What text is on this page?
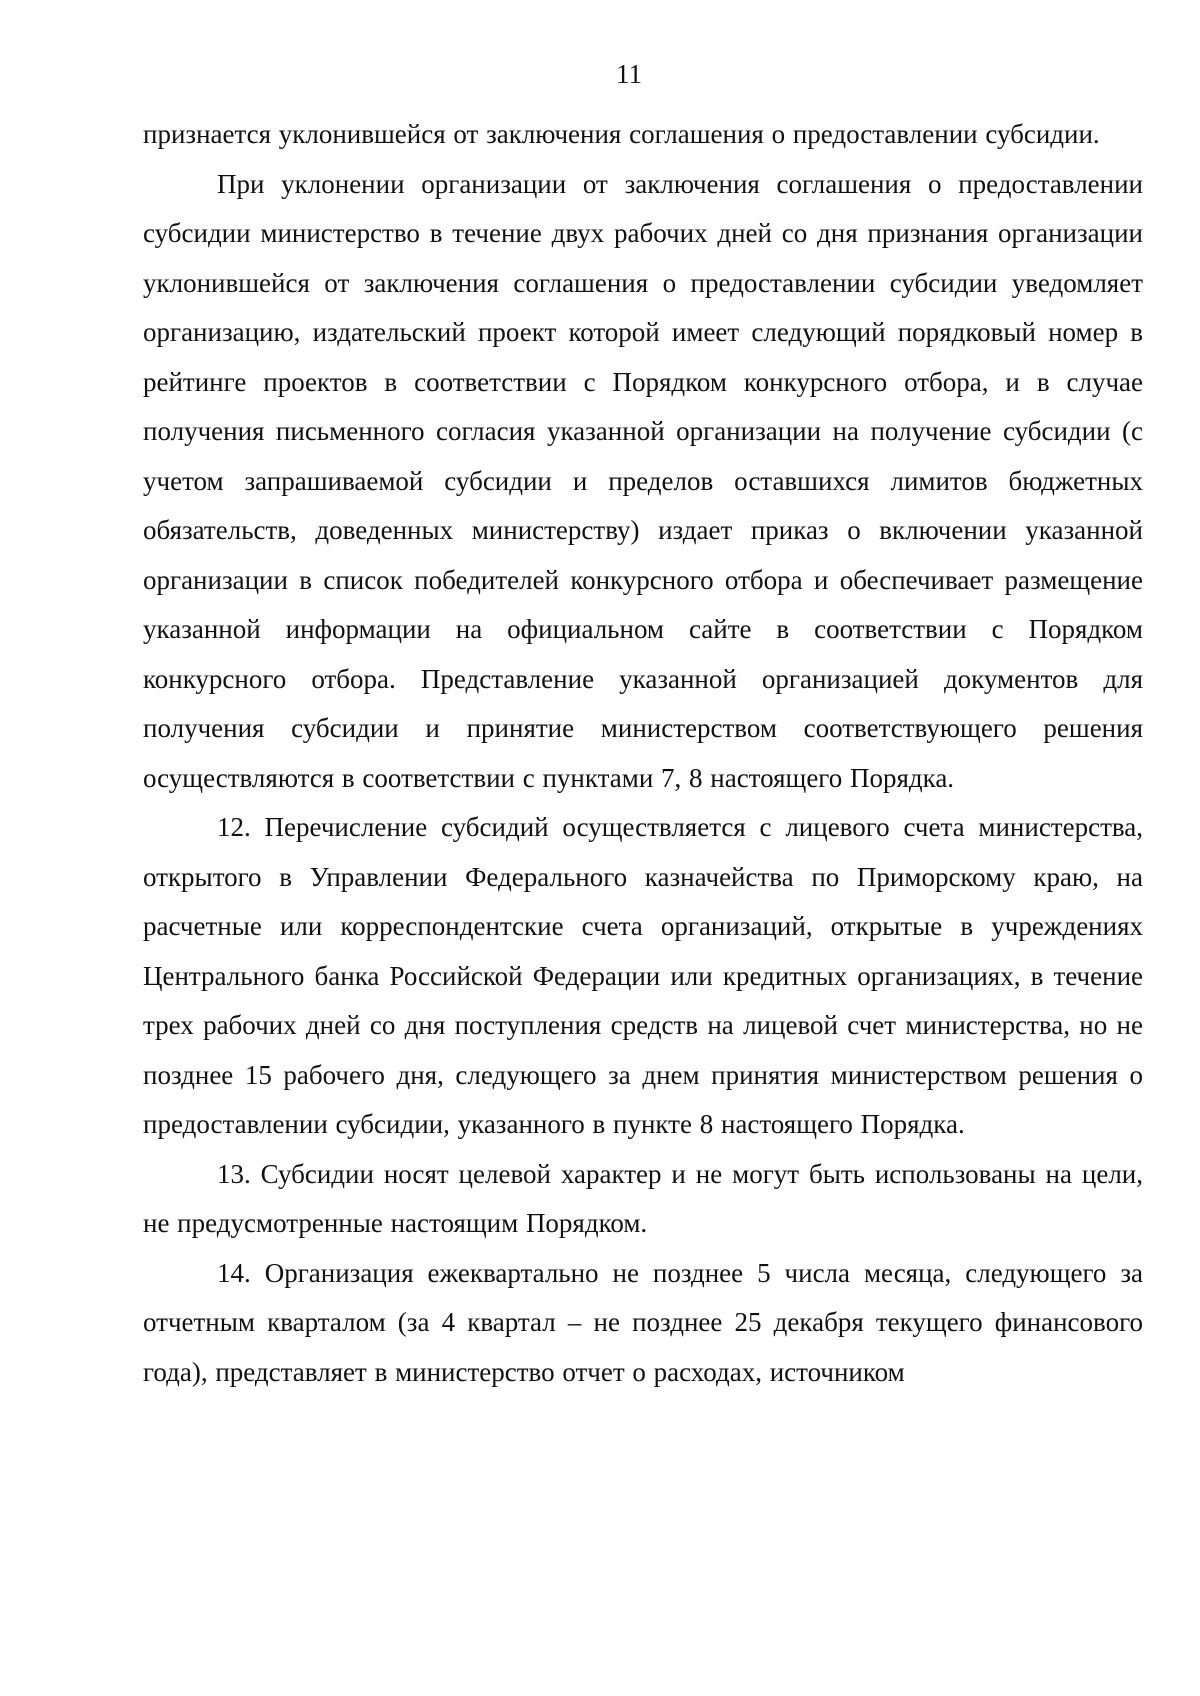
11

признается уклонившейся от заключения соглашения о предоставлении субсидии.

При уклонении организации от заключения соглашения о предоставлении субсидии министерство в течение двух рабочих дней со дня признания организации уклонившейся от заключения соглашения о предоставлении субсидии уведомляет организацию, издательский проект которой имеет следующий порядковый номер в рейтинге проектов в соответствии с Порядком конкурсного отбора, и в случае получения письменного согласия указанной организации на получение субсидии (с учетом запрашиваемой субсидии и пределов оставшихся лимитов бюджетных обязательств, доведенных министерству) издает приказ о включении указанной организации в список победителей конкурсного отбора и обеспечивает размещение указанной информации на официальном сайте в соответствии с Порядком конкурсного отбора. Представление указанной организацией документов для получения субсидии и принятие министерством соответствующего решения осуществляются в соответствии с пунктами 7, 8 настоящего Порядка.

12. Перечисление субсидий осуществляется с лицевого счета министерства, открытого в Управлении Федерального казначейства по Приморскому краю, на расчетные или корреспондентские счета организаций, открытые в учреждениях Центрального банка Российской Федерации или кредитных организациях, в течение трех рабочих дней со дня поступления средств на лицевой счет министерства, но не позднее 15 рабочего дня, следующего за днем принятия министерством решения о предоставлении субсидии, указанного в пункте 8 настоящего Порядка.

13. Субсидии носят целевой характер и не могут быть использованы на цели, не предусмотренные настоящим Порядком.

14. Организация ежеквартально не позднее 5 числа месяца, следующего за отчетным кварталом (за 4 квартал – не позднее 25 декабря текущего финансового года), представляет в министерство отчет о расходах, источником
